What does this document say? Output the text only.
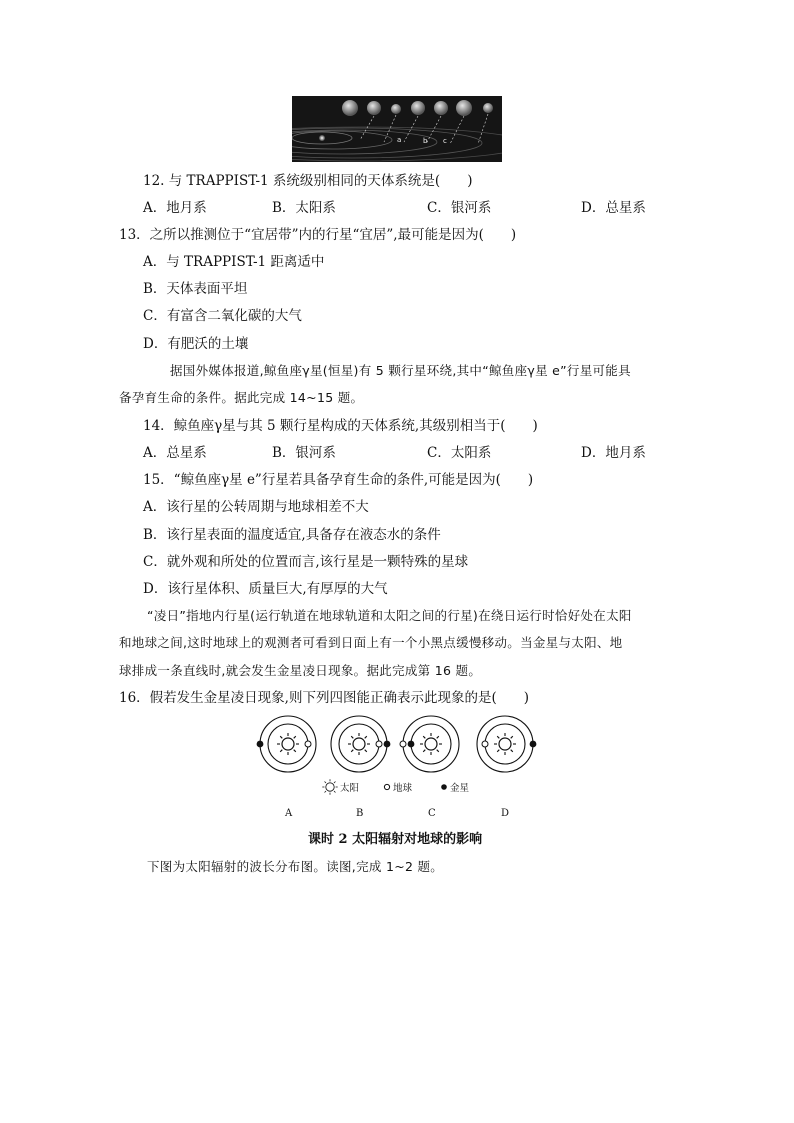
a	b c
12. 与 TRAPPIST-1 系统级别相同的天体系统是(　　)
A．地月系	B．太阳系	C．银河系	D．总星系
13．之所以推测位于“宜居带”内的行星“宜居”,最可能是因为(　　)
A．与 TRAPPIST-1 距离适中
B．天体表面平坦
C．有富含二氧化碳的大气
D．有肥沃的土壤
据国外媒体报道,鲸鱼座γ星(恒星)有 5 颗行星环绕,其中“鲸鱼座γ星 e”行星可能具
备孕育生命的条件。据此完成 14~15 题。
14．鲸鱼座γ星与其 5 颗行星构成的天体系统,其级别相当于(　　)
A．总星系	B．银河系	C．太阳系	D．地月系
15．“鲸鱼座γ星 e”行星若具备孕育生命的条件,可能是因为(　　)
A．该行星的公转周期与地球相差不大
B．该行星表面的温度适宜,具备存在液态水的条件
C．就外观和所处的位置而言,该行星是一颗特殊的星球
D．该行星体积、质量巨大,有厚厚的大气
“凌日”指地内行星(运行轨道在地球轨道和太阳之间的行星)在绕日运行时恰好处在太阳
和地球之间,这时地球上的观测者可看到日面上有一个小黑点缓慢移动。当金星与太阳、地
球排成一条直线时,就会发生金星凌日现象。据此完成第 16 题。
16．假若发生金星凌日现象,则下列四图能正确表示此现象的是(　　)
太阳	地球	金星
A	B	C	D
课时 2 太阳辐射对地球的影响
下图为太阳辐射的波长分布图。读图,完成 1~2 题。
